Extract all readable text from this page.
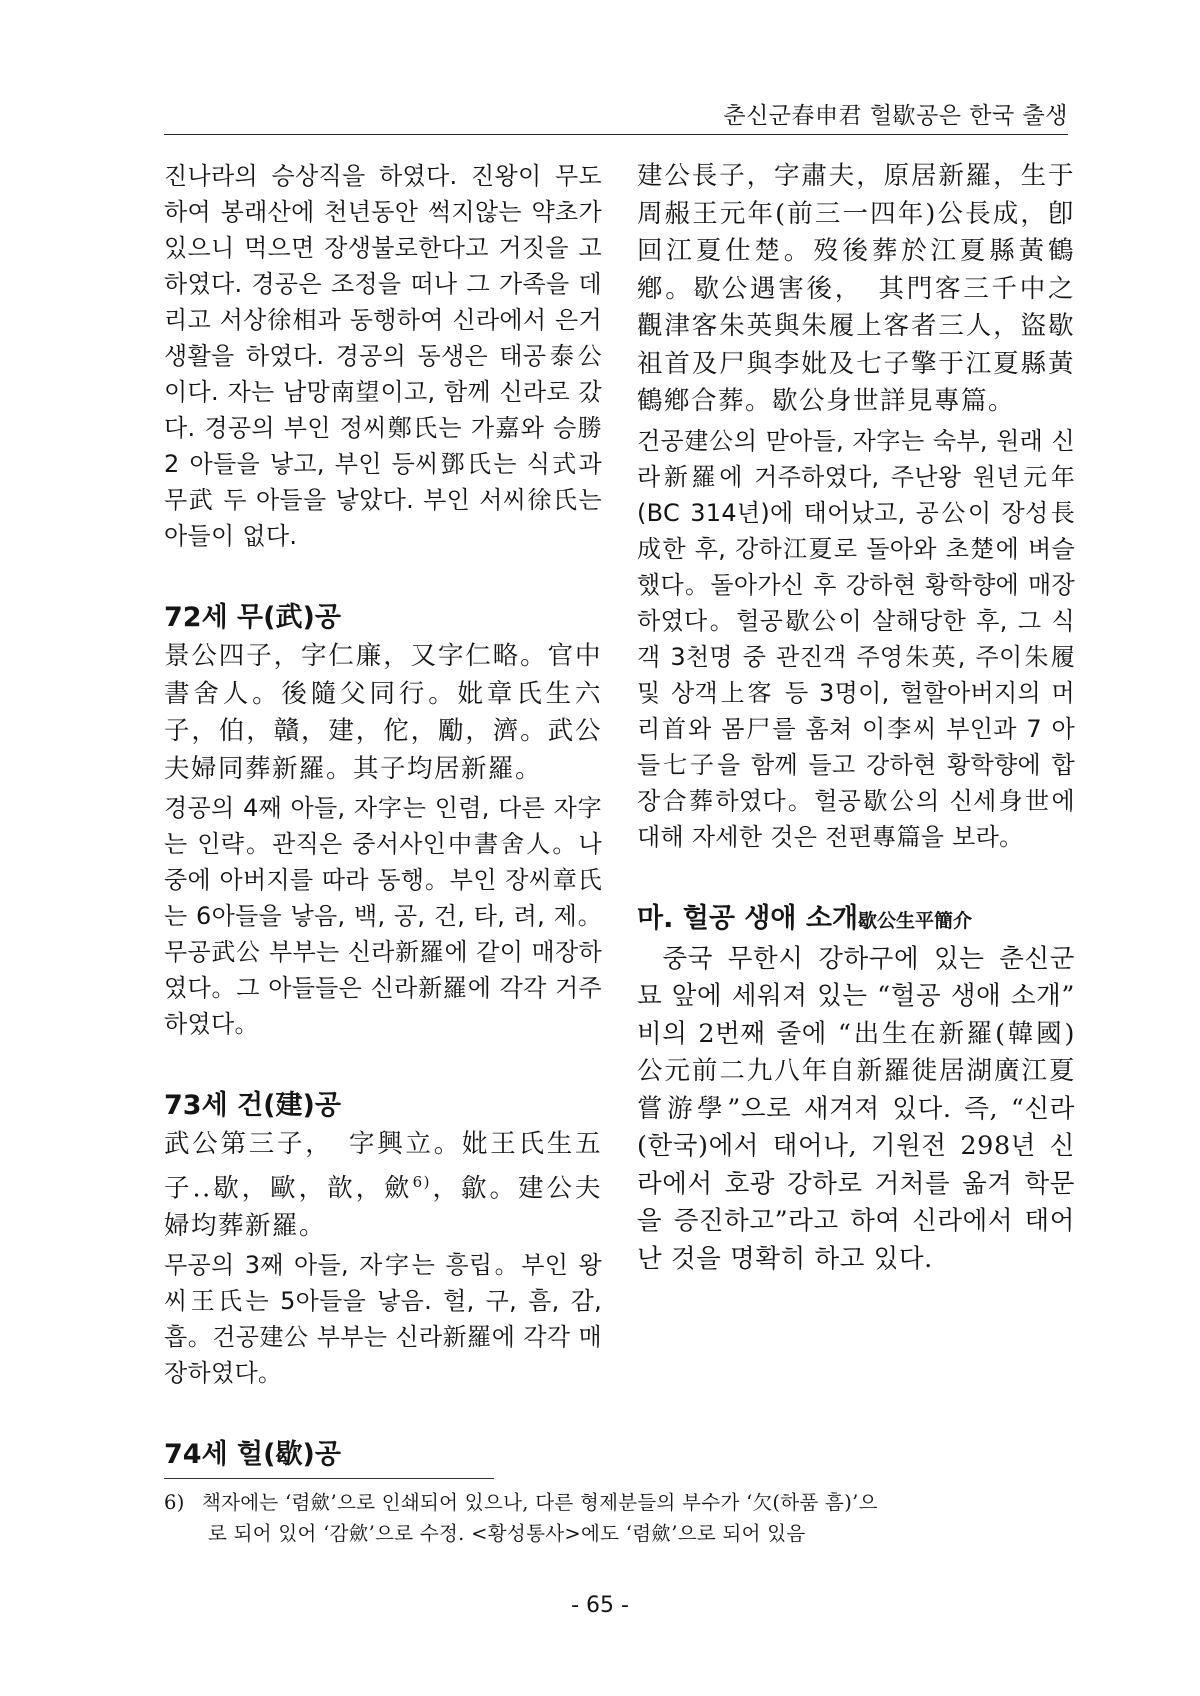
춘신군春申君 헐歇공은 한국 출생

진나라의 승상직을 하였다. 진왕이 무도하여 봉래산에 천년동안 썩지않는 약초가 있으니 먹으면 장생불로한다고 거짓을 고하였다. 경공은 조정을 떠나 그 가족을 데리고 서상徐相과 동행하여 신라에서 은거생활을 하였다. 경공의 동생은 태공泰公이다. 자는 남망南望이고, 함께 신라로 갔다. 경공의 부인 정씨鄭氏는 가嘉와 승勝 2 아들을 낳고, 부인 등씨鄧氏는 식式과 무武 두 아들을 낳았다. 부인 서씨徐氏는 아들이 없다.

72세 무(武)공

景公四子，字仁廉，又字仁略。官中書舍人。後隨父同行。妣章氏生六子，伯，贛，建，佗，勵，濟。武公夫婦同葬新羅。其子均居新羅。

경공의 4째 아들, 자字는 인렴, 다른 자字는 인략。관직은 중서사인中書舍人。나중에 아버지를 따라 동행。부인 장씨章氏는 6아들을 낳음, 백, 공, 건, 타, 려, 제。무공武公 부부는 신라新羅에 같이 매장하였다。그 아들들은 신라新羅에 각각 거주하였다。

73세 건(建)공

武公第三子，　字興立。妣王氏生五子..歇，歐，歆，歛$^{6)}$，歙。建公夫婦均葬新羅。

무공의 3째 아들, 자字는 흥립。부인 왕씨王氏는 5아들을 낳음. 헐, 구, 흠, 감, 흡。건공建公 부부는 신라新羅에 각각 매장하였다。

74세 헐(歇)공

建公長子，字肅夫，原居新羅，生于周赧王元年(前三一四年)公長成，卽回江夏仕楚。歿後葬於江夏縣黃鶴鄕。歇公遇害後，　其門客三千中之觀津客朱英與朱履上客者三人，盜歇祖首及尸與李妣及七子擎于江夏縣黃鶴鄕合葬。歇公身世詳見專篇。

건공建公의 맏아들, 자字는 숙부, 원래 신라新羅에 거주하였다, 주난왕 원년元年(BC 314년)에 태어났고, 공公이 장성長成한 후, 강하江夏로 돌아와 초楚에 벼슬했다。돌아가신 후 강하현 황학향에 매장하였다。헐공歇公이 살해당한 후, 그 식객 3천명 중 관진객 주영朱英, 주이朱履 및 상객上客 등 3명이, 헐할아버지의 머리首와 몸尸를 훔쳐 이李씨 부인과 7 아들七子을 함께 들고 강하현 황학향에 합장合葬하였다。헐공歇公의 신세身世에 대해 자세한 것은 전편專篇을 보라。

마. 헐공 생애 소개歇公生平簡介

중국 무한시 강하구에 있는 춘신군 묘 앞에 세워져 있는 “헐공 생애 소개” 비의 2번째 줄에 “出生在新羅(韓國) 公元前二九八年自新羅徙居湖廣江夏嘗游學”으로 새겨져 있다. 즉, “신라(한국)에서 태어나, 기원전 298년 신라에서 호광 강하로 거처를 옮겨 학문을 증진하고”라고 하여 신라에서 태어난 것을 명확히 하고 있다.

6) 책자에는 ‘렴歛’으로 인쇄되어 있으나, 다른 형제분들의 부수가 ‘欠(하품 흠)’으
로 되어 있어 ‘감歛’으로 수정. <황성통사>에도 ‘렴歛’으로 되어 있음
- 65 -
